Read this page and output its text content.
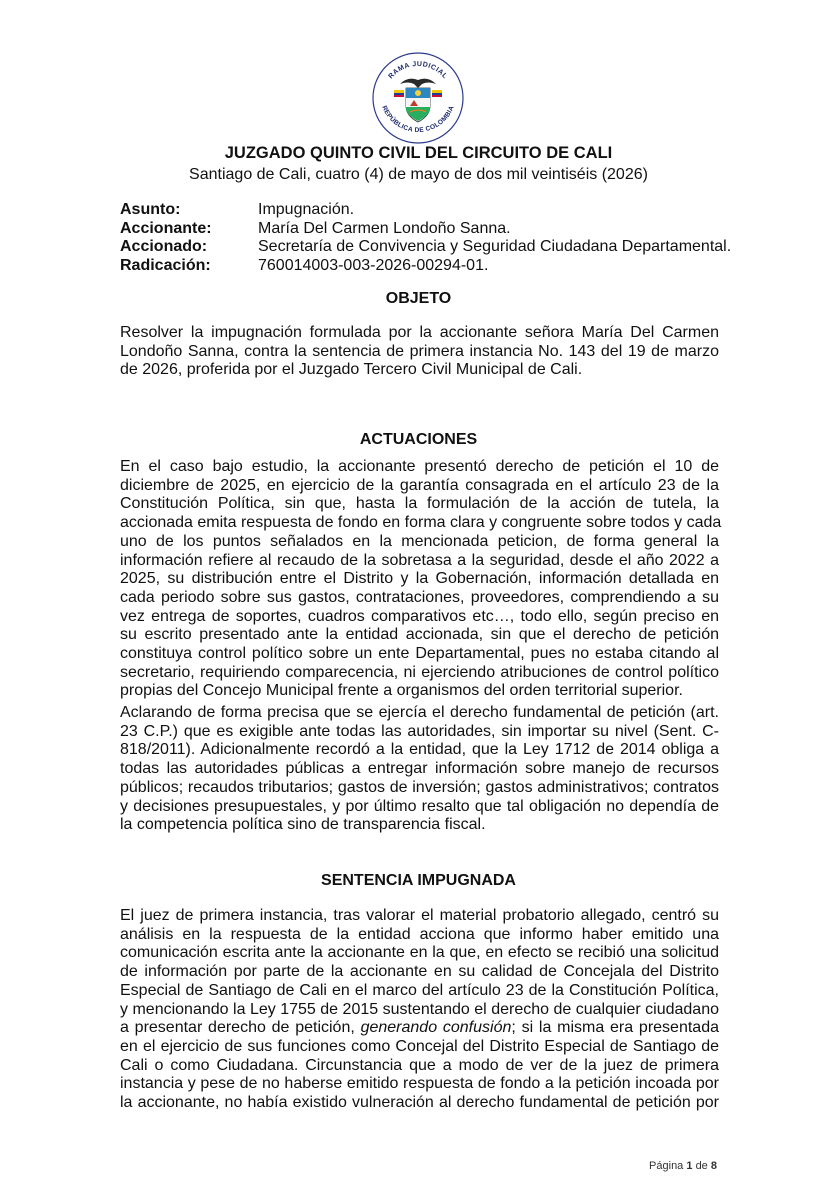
RAMA JUDICIAL
REPÚBLICA DE COLOMBIA
JUZGADO QUINTO CIVIL DEL CIRCUITO DE CALI
Santiago de Cali, cuatro (4) de mayo de dos mil veintiséis (2026)
Asunto:	Impugnación.
Accionante:	María Del Carmen Londoño Sanna.
Accionado:	Secretaría de Convivencia y Seguridad Ciudadana Departamental.
Radicación:	760014003-003-2026-00294-01.
OBJETO
Resolver la impugnación formulada por la accionante señora María Del Carmen
Londoño Sanna, contra la sentencia de primera instancia No. 143 del 19 de marzo
de 2026, proferida por el Juzgado Tercero Civil Municipal de Cali.
ACTUACIONES
En el caso bajo estudio, la accionante presentó derecho de petición el 10 de
diciembre de 2025, en ejercicio de la garantía consagrada en el artículo 23 de la
Constitución Política, sin que, hasta la formulación de la acción de tutela, la
accionada emita respuesta de fondo en forma clara y congruente sobre todos y cada
uno de los puntos señalados en la mencionada peticion, de forma general la
información refiere al recaudo de la sobretasa a la seguridad, desde el año 2022 a
2025, su distribución entre el Distrito y la Gobernación, información detallada en
cada periodo sobre sus gastos, contrataciones, proveedores, comprendiendo a su
vez entrega de soportes, cuadros comparativos etc…, todo ello, según preciso en
su escrito presentado ante la entidad accionada, sin que el derecho de petición
constituya control político sobre un ente Departamental, pues no estaba citando al
secretario, requiriendo comparecencia, ni ejerciendo atribuciones de control político
propias del Concejo Municipal frente a organismos del orden territorial superior.
Aclarando de forma precisa que se ejercía el derecho fundamental de petición (art.
23 C.P.) que es exigible ante todas las autoridades, sin importar su nivel (Sent. C-
818/2011). Adicionalmente recordó a la entidad, que la Ley 1712 de 2014 obliga a
todas las autoridades públicas a entregar información sobre manejo de recursos
públicos; recaudos tributarios; gastos de inversión; gastos administrativos; contratos
y decisiones presupuestales, y por último resalto que tal obligación no dependía de
la competencia política sino de transparencia fiscal.
SENTENCIA IMPUGNADA
El juez de primera instancia, tras valorar el material probatorio allegado, centró su
análisis en la respuesta de la entidad acciona que informo haber emitido una
comunicación escrita ante la accionante en la que, en efecto se recibió una solicitud
de información por parte de la accionante en su calidad de Concejala del Distrito
Especial de Santiago de Cali en el marco del artículo 23 de la Constitución Política,
y mencionando la Ley 1755 de 2015 sustentando el derecho de cualquier ciudadano
a presentar derecho de petición, generando confusión; si la misma era presentada
en el ejercicio de sus funciones como Concejal del Distrito Especial de Santiago de
Cali o como Ciudadana. Circunstancia que a modo de ver de la juez de primera
instancia y pese de no haberse emitido respuesta de fondo a la petición incoada por
la accionante, no había existido vulneración al derecho fundamental de petición por
Página 1 de 8
